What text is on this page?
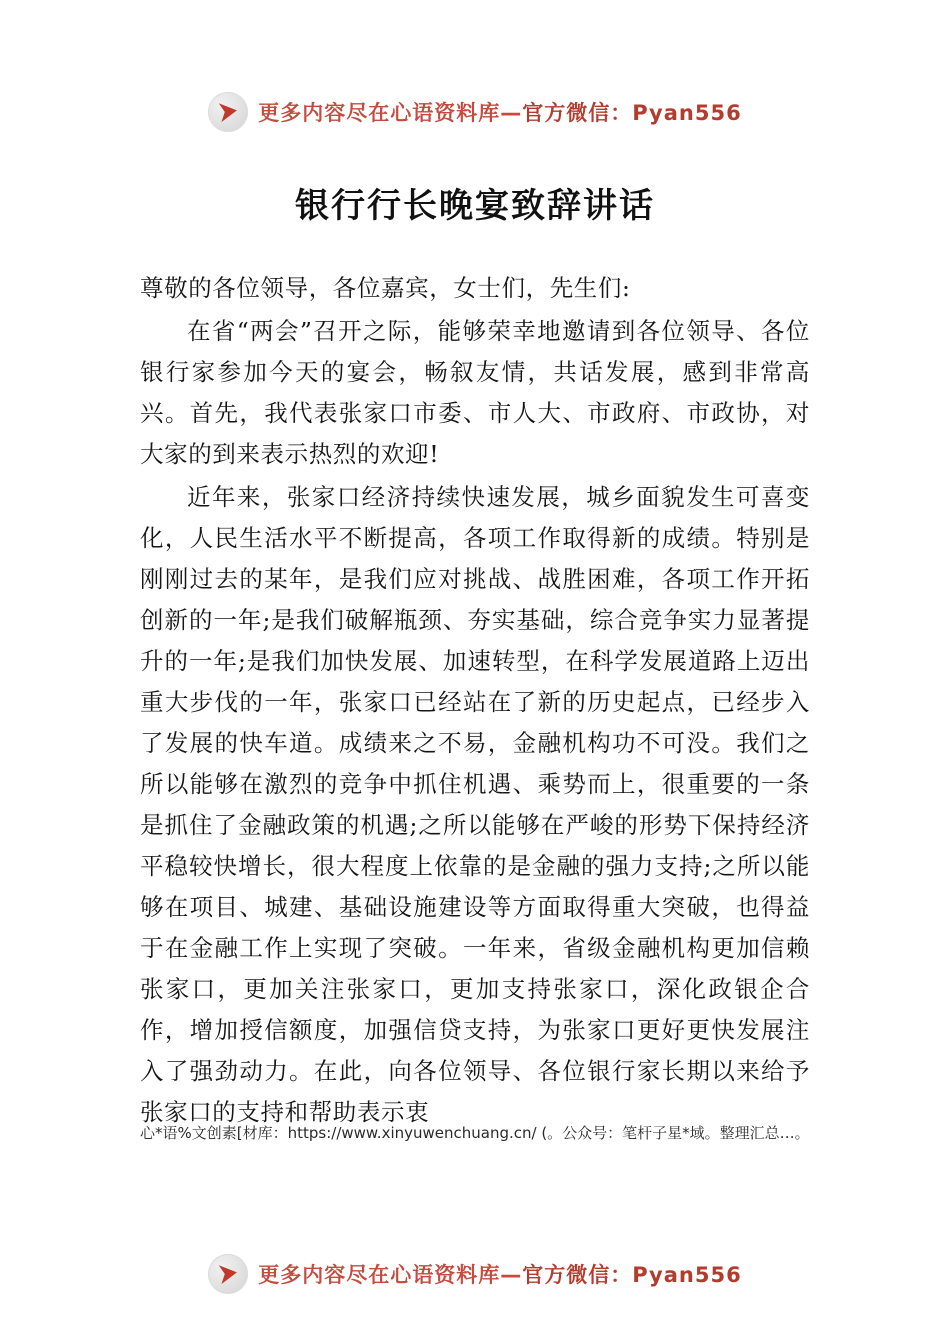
更多内容尽在心语资料库—官方微信：Pyan556
银行行长晚宴致辞讲话

尊敬的各位领导，各位嘉宾，女士们，先生们:

在省“两会”召开之际，能够荣幸地邀请到各位领导、各位银行家参加今天的宴会，畅叙友情，共话发展，感到非常高兴。首先，我代表张家口市委、市人大、市政府、市政协，对大家的到来表示热烈的欢迎!

近年来，张家口经济持续快速发展，城乡面貌发生可喜变化，人民生活水平不断提高，各项工作取得新的成绩。特别是刚刚过去的某年，是我们应对挑战、战胜困难，各项工作开拓创新的一年;是我们破解瓶颈、夯实基础，综合竞争实力显著提升的一年;是我们加快发展、加速转型，在科学发展道路上迈出重大步伐的一年，张家口已经站在了新的历史起点，已经步入了发展的快车道。成绩来之不易，金融机构功不可没。我们之所以能够在激烈的竞争中抓住机遇、乘势而上，很重要的一条是抓住了金融政策的机遇;之所以能够在严峻的形势下保持经济平稳较快增长，很大程度上依靠的是金融的强力支持;之所以能够在项目、城建、基础设施建设等方面取得重大突破，也得益于在金融工作上实现了突破。一年来，省级金融机构更加信赖张家口，更加关注张家口，更加支持张家口，深化政银企合作，增加授信额度，加强信贷支持，为张家口更好更快发展注入了强劲动力。在此，向各位领导、各位银行家长期以来给予张家口的支持和帮助表示衷

心*语%文创素[材库：https://www.xinyuwenchuang.cn/ (。公众号：笔杆子星*域。整理汇总…。
更多内容尽在心语资料库—官方微信：Pyan556
